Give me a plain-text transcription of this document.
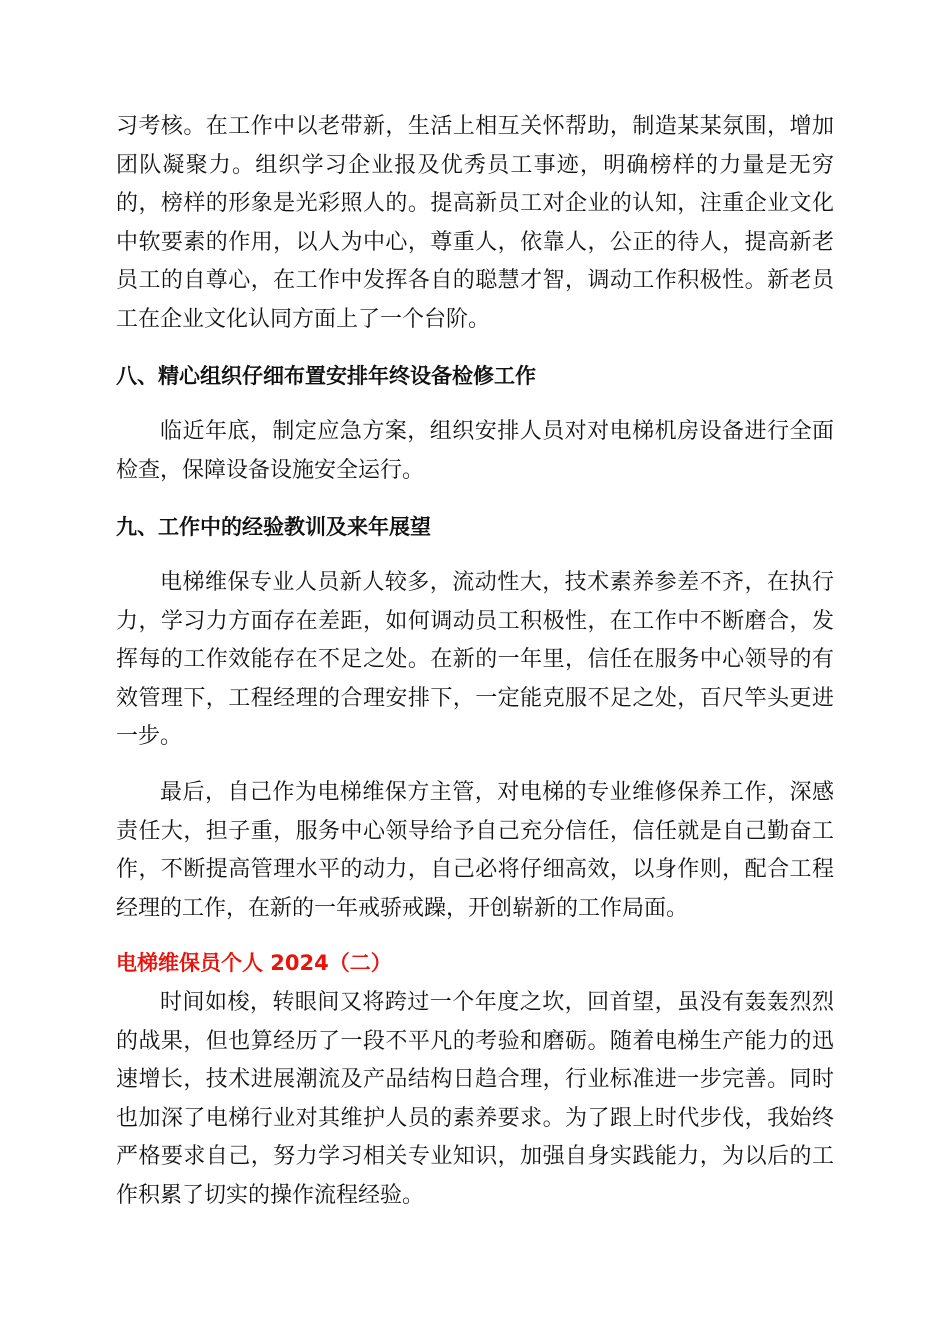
习考核。在工作中以老带新，生活上相互关怀帮助，制造某某氛围，增加团队凝聚力。组织学习企业报及优秀员工事迹，明确榜样的力量是无穷的，榜样的形象是光彩照人的。提高新员工对企业的认知，注重企业文化中软要素的作用，以人为中心，尊重人，依靠人，公正的待人，提高新老员工的自尊心，在工作中发挥各自的聪慧才智，调动工作积极性。新老员工在企业文化认同方面上了一个台阶。

八、精心组织仔细布置安排年终设备检修工作

临近年底，制定应急方案，组织安排人员对对电梯机房设备进行全面检查，保障设备设施安全运行。

九、工作中的经验教训及来年展望

电梯维保专业人员新人较多，流动性大，技术素养参差不齐，在执行力，学习力方面存在差距，如何调动员工积极性，在工作中不断磨合，发挥每的工作效能存在不足之处。在新的一年里，信任在服务中心领导的有效管理下，工程经理的合理安排下，一定能克服不足之处，百尺竿头更进一步。

最后，自己作为电梯维保方主管，对电梯的专业维修保养工作，深感责任大，担子重，服务中心领导给予自己充分信任，信任就是自己勤奋工作，不断提高管理水平的动力，自己必将仔细高效，以身作则，配合工程经理的工作，在新的一年戒骄戒躁，开创崭新的工作局面。

电梯维保员个人 2024（二）

时间如梭，转眼间又将跨过一个年度之坎，回首望，虽没有轰轰烈烈的战果，但也算经历了一段不平凡的考验和磨砺。随着电梯生产能力的迅速增长，技术进展潮流及产品结构日趋合理，行业标准进一步完善。同时也加深了电梯行业对其维护人员的素养要求。为了跟上时代步伐，我始终严格要求自己，努力学习相关专业知识，加强自身实践能力，为以后的工作积累了切实的操作流程经验。
